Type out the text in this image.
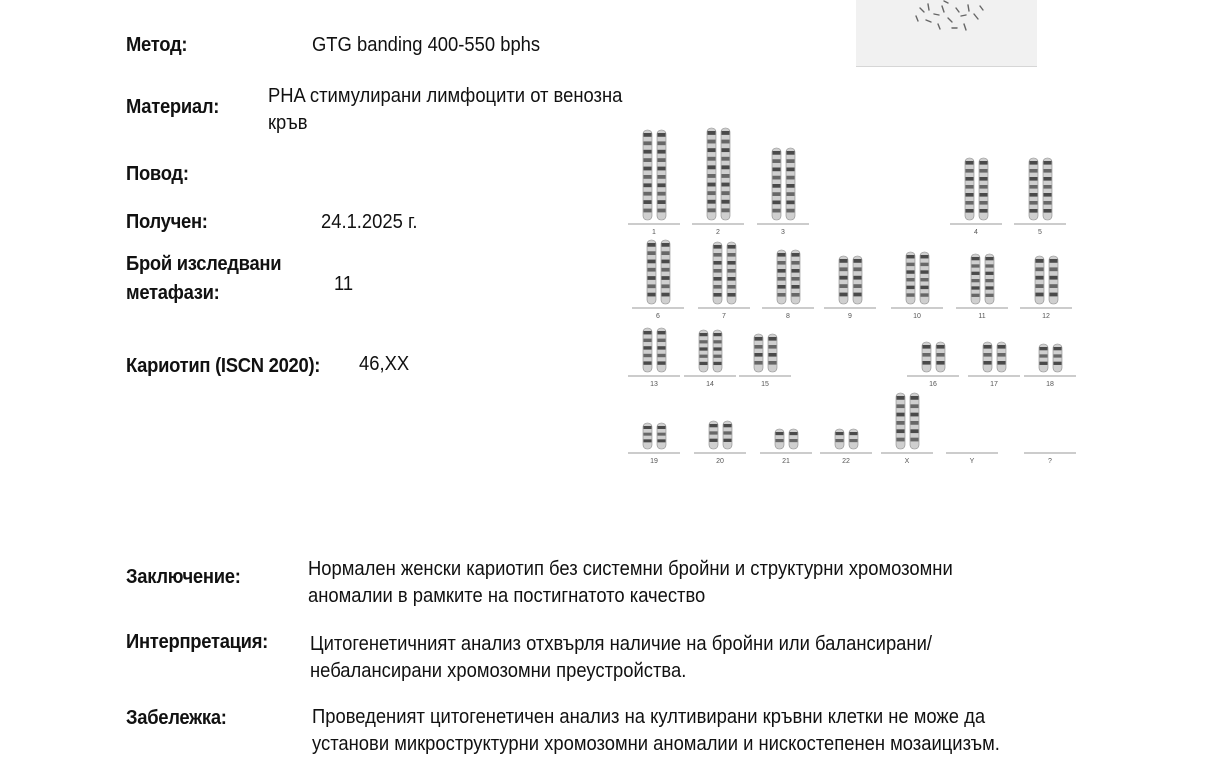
Метод:	GTG banding 400-550 bphs
Материал: PHA стимулирани лимфоцити от венозна
кръв
Повод:
Получен:	24.1.2025 г.
Брой изследвани
метафази:	11
Кариотип (ISCN 2020): 46,XX
1	2	3	4	5
6	7	8	9	10	11	12
13	14	15	16	17	18
19	20	21	22	X	Y	?
Заключение:	Нормален женски кариотип без системни бройни и структурни хромозомни
аномалии в рамките на постигнатото качество
Интерпретация: Цитогенетичният анализ отхвърля наличие на бройни или балансирани/
небалансирани хромозомни преустройства.
Забележка:	Проведеният цитогенетичен анализ на култивирани кръвни клетки не може да
установи микроструктурни хромозомни аномалии и нискостепенен мозаицизъм.
